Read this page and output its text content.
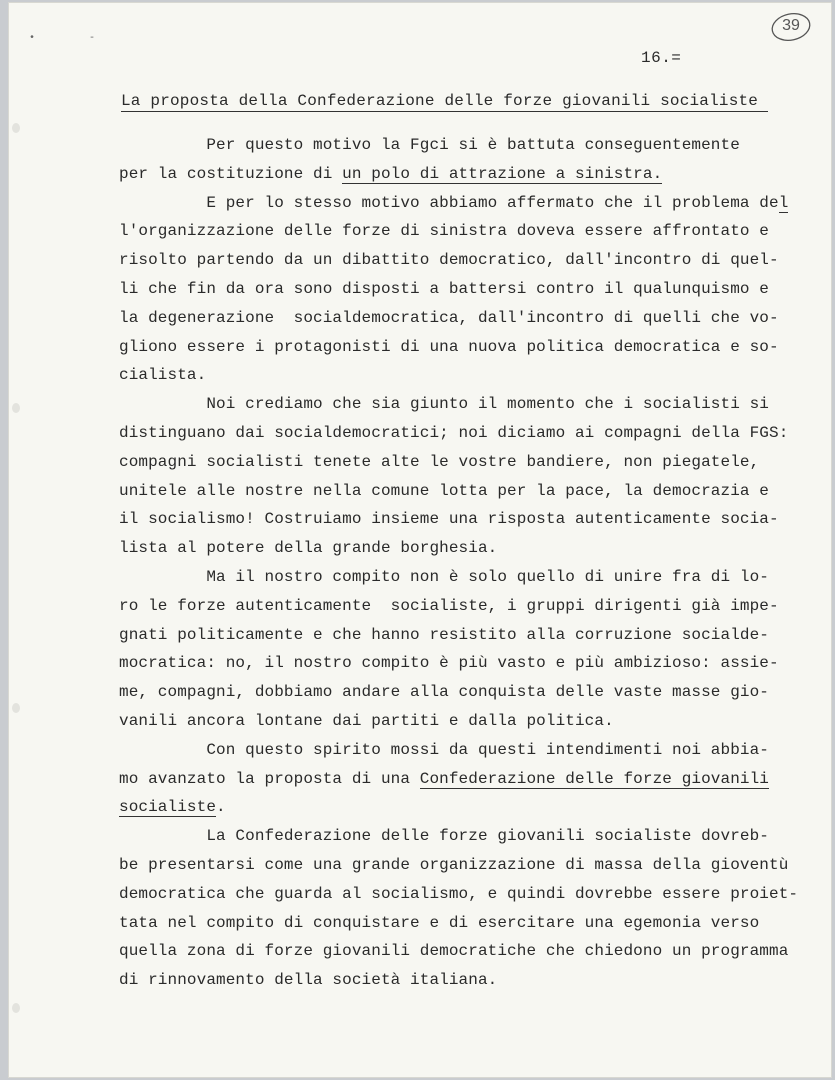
•         -
39
16.=
La proposta della Confederazione delle forze giovanili socialiste
Per questo motivo la Fgci si è battuta conseguentemente
per la costituzione di un polo di attrazione a sinistra.
E per lo stesso motivo abbiamo affermato che il problema del
l'organizzazione delle forze di sinistra doveva essere affrontato e
risolto partendo da un dibattito democratico, dall'incontro di quel-
li che fin da ora sono disposti a battersi contro il qualunquismo e
la degenerazione  socialdemocratica, dall'incontro di quelli che vo-
gliono essere i protagonisti di una nuova politica democratica e so-
cialista.
Noi crediamo che sia giunto il momento che i socialisti si
distinguano dai socialdemocratici; noi diciamo ai compagni della FGS:
compagni socialisti tenete alte le vostre bandiere, non piegatele,
unitele alle nostre nella comune lotta per la pace, la democrazia e
il socialismo! Costruiamo insieme una risposta autenticamente socia-
lista al potere della grande borghesia.
Ma il nostro compito non è solo quello di unire fra di lo-
ro le forze autenticamente  socialiste, i gruppi dirigenti già impe-
gnati politicamente e che hanno resistito alla corruzione socialde-
mocratica: no, il nostro compito è più vasto e più ambizioso: assie-
me, compagni, dobbiamo andare alla conquista delle vaste masse gio-
vanili ancora lontane dai partiti e dalla politica.
Con questo spirito mossi da questi intendimenti noi abbia-
mo avanzato la proposta di una Confederazione delle forze giovanili
socialiste.
La Confederazione delle forze giovanili socialiste dovreb-
be presentarsi come una grande organizzazione di massa della gioventù
democratica che guarda al socialismo, e quindi dovrebbe essere proiet-
tata nel compito di conquistare e di esercitare una egemonia verso
quella zona di forze giovanili democratiche che chiedono un programma
di rinnovamento della società italiana.
